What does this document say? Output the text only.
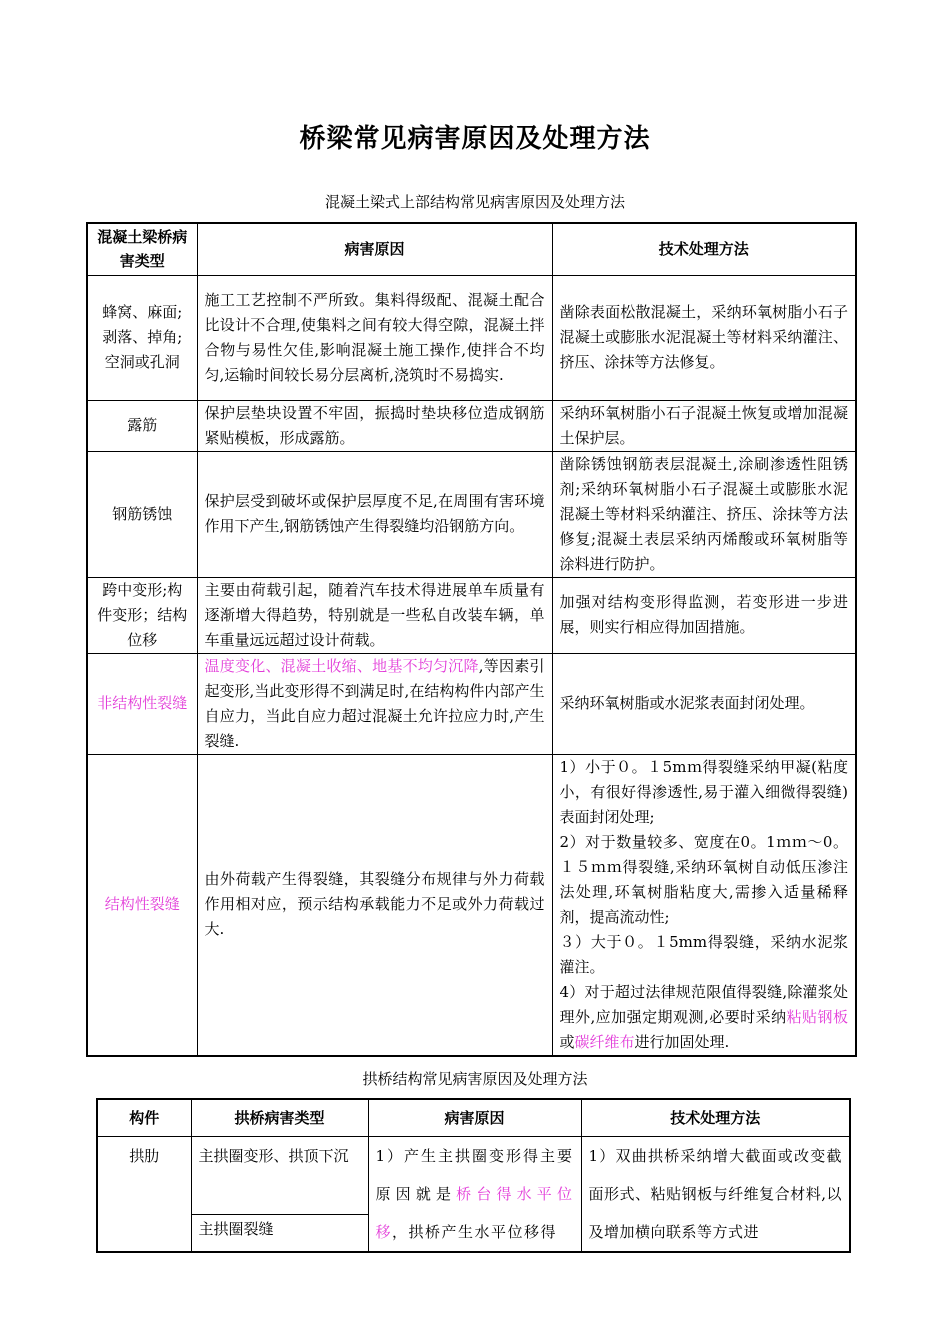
桥梁常见病害原因及处理方法
混凝土梁式上部结构常见病害原因及处理方法
混凝土梁桥病害类型	病害原因	技术处理方法
蜂窝、麻面;剥落、掉角;空洞或孔洞	施工工艺控制不严所致。集料得级配、混凝土配合比设计不合理,使集料之间有较大得空隙，混凝土拌合物与易性欠佳,影响混凝土施工操作,使拌合不均匀,运输时间较长易分层离析,浇筑时不易捣实.	凿除表面松散混凝土，采纳环氧树脂小石子混凝土或膨胀水泥混凝土等材料采纳灌注、挤压、涂抹等方法修复。
露筋	保护层垫块设置不牢固，振捣时垫块移位造成钢筋紧贴模板，形成露筋。	采纳环氧树脂小石子混凝土恢复或增加混凝土保护层。
钢筋锈蚀	保护层受到破坏或保护层厚度不足,在周围有害环境作用下产生,钢筋锈蚀产生得裂缝均沿钢筋方向。	凿除锈蚀钢筋表层混凝土,涂刷渗透性阻锈剂;采纳环氧树脂小石子混凝土或膨胀水泥混凝土等材料采纳灌注、挤压、涂抹等方法修复;混凝土表层采纳丙烯酸或环氧树脂等涂料进行防护。
跨中变形;构件变形；结构位移	主要由荷载引起，随着汽车技术得进展单车质量有逐渐增大得趋势，特别就是一些私自改装车辆，单车重量远远超过设计荷载。	加强对结构变形得监测，若变形进一步进展，则实行相应得加固措施。
非结构性裂缝	温度变化、混凝土收缩、地基不均匀沉降,等因素引起变形,当此变形得不到满足时,在结构构件内部产生自应力，当此自应力超过混凝土允许拉应力时,产生裂缝.	采纳环氧树脂或水泥浆表面封闭处理。
结构性裂缝	由外荷载产生得裂缝，其裂缝分布规律与外力荷载作用相对应，预示结构承载能力不足或外力荷载过大.	1）小于０。１5mｍ得裂缝采纳甲凝(粘度小，有很好得渗透性,易于灌入细微得裂缝)表面封闭处理;
2）对于数量较多、宽度在0。1ｍｍ～0。１５ｍｍ得裂缝,采纳环氧树自动低压渗注法处理,环氧树脂粘度大,需掺入适量稀释剂，提高流动性;
３）大于０。１5mm得裂缝，采纳水泥浆灌注。
4）对于超过法律规范限值得裂缝,除灌浆处理外,应加强定期观测,必要时采纳粘贴钢板或碳纤维布进行加固处理.
拱桥结构常见病害原因及处理方法
构件	拱桥病害类型	病害原因	技术处理方法
拱肋	主拱圈变形、拱顶下沉	1）产生主拱圈变形得主要原因就是桥台得水平位移，拱桥产生水平位移得	1）双曲拱桥采纳增大截面或改变截面形式、粘贴钢板与纤维复合材料,以及增加横向联系等方式进
	主拱圈裂缝		
